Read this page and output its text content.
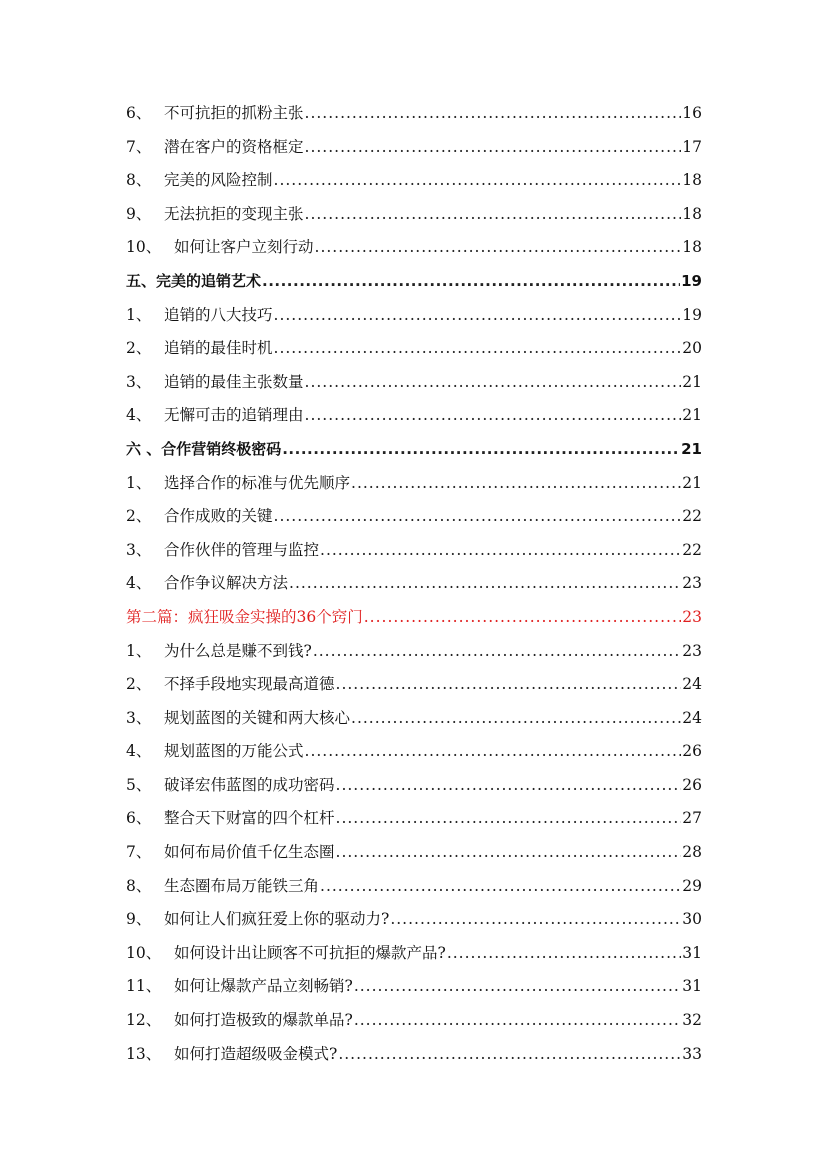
6、 不可抗拒的抓粉主张 .....	16
7、 潜在客户的资格框定 .....	17
8、 完美的风险控制 .....	18
9、 无法抗拒的变现主张 .....	18
10、 如何让客户立刻行动 .....	18
五、完美的追销艺术 .....	19
1、 追销的八大技巧 .....	19
2、 追销的最佳时机 .....	20
3、 追销的最佳主张数量 .....	21
4、 无懈可击的追销理由 .....	21
六 、合作营销终极密码 .....	21
1、 选择合作的标准与优先顺序 .....	21
2、 合作成败的关键 .....	22
3、 合作伙伴的管理与监控 .....	22
4、 合作争议解决方法 .....	23
第二篇：疯狂吸金实操的36个窍门 .....	23
1、 为什么总是赚不到钱? .....	23
2、 不择手段地实现最高道德 .....	24
3、 规划蓝图的关键和两大核心 .....	24
4、 规划蓝图的万能公式 .....	26
5、 破译宏伟蓝图的成功密码 .....	26
6、 整合天下财富的四个杠杆 .....	27
7、 如何布局价值千亿生态圈 .....	28
8、 生态圈布局万能铁三角 .....	29
9、 如何让人们疯狂爱上你的驱动力? .....	30
10、 如何设计出让顾客不可抗拒的爆款产品? .....	31
11、 如何让爆款产品立刻畅销? .....	31
12、 如何打造极致的爆款单品? .....	32
13、 如何打造超级吸金模式? .....	33
